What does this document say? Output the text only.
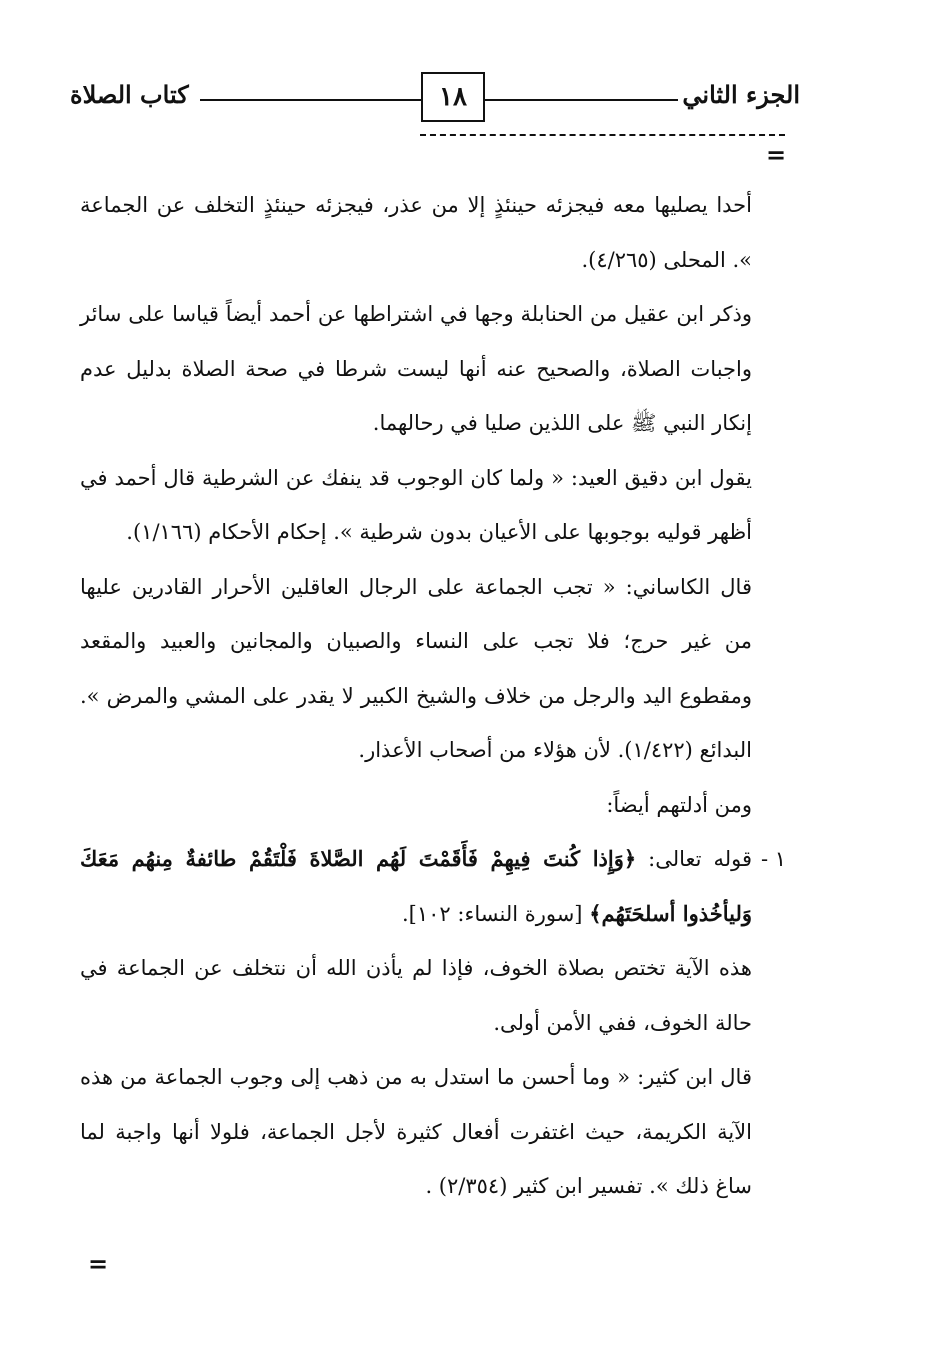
الجزء الثاني
١٨
كتاب الصلاة
=

أحدا يصليها معه فيجزئه حينئذٍ إلا من عذر، فيجزئه حينئذٍ التخلف عن الجماعة ». المحلى (٤/٢٦٥).

وذكر ابن عقيل من الحنابلة وجها في اشتراطها عن أحمد أيضاً قياسا على سائر واجبات الصلاة، والصحيح عنه أنها ليست شرطا في صحة الصلاة بدليل عدم إنكار النبي ﷺ على اللذين صليا في رحالهما.

يقول ابن دقيق العيد: « ولما كان الوجوب قد ينفك عن الشرطية قال أحمد في أظهر قوليه بوجوبها على الأعيان بدون شرطية ». إحكام الأحكام (١/١٦٦).

قال الكاساني: « تجب الجماعة على الرجال العاقلين الأحرار القادرين عليها من غير حرج؛ فلا تجب على النساء والصبيان والمجانين والعبيد والمقعد ومقطوع اليد والرجل من خلاف والشيخ الكبير لا يقدر على المشي والمرض ». البدائع (١/٤٢٢). لأن هؤلاء من أصحاب الأعذار.

ومن أدلتهم أيضاً:

١ -
قوله تعالى: ﴿وَإِذا كُنتَ فِيهِمْ فَأَقَمْتَ لَهُم الصَّلاةَ فَلْتَقُمْ طائفةٌ مِنهُم مَعَكَ وَليأخُذوا أسلحَتَهُم﴾ [سورة النساء: ١٠٢].

هذه الآية تختص بصلاة الخوف، فإذا لم يأذن الله أن نتخلف عن الجماعة في حالة الخوف، ففي الأمن أولى.

قال ابن كثير: « وما أحسن ما استدل به من ذهب إلى وجوب الجماعة من هذه الآية الكريمة، حيث اغتفرت أفعال كثيرة لأجل الجماعة، فلولا أنها واجبة لما ساغ ذلك ». تفسير ابن كثير (٢/٣٥٤) .

=
